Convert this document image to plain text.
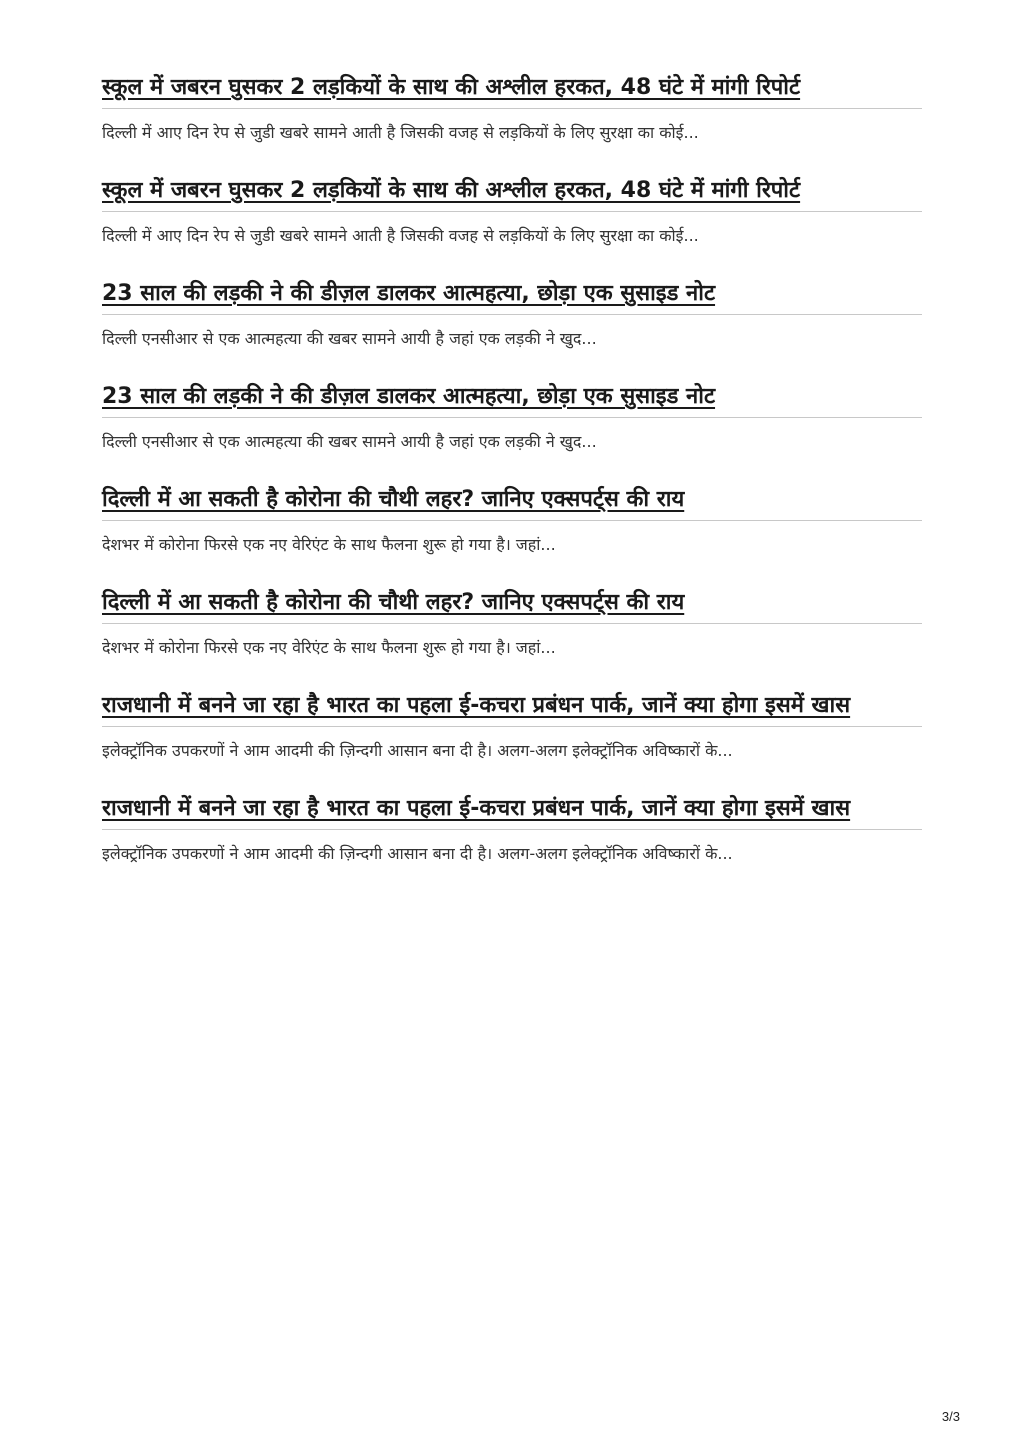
स्कूल में जबरन घुसकर 2 लड़कियों के साथ की अश्लील हरकत, 48 घंटे में मांगी रिपोर्ट
दिल्ली में आए दिन रेप से जुडी खबरे सामने आती है जिसकी वजह से लड़कियों के लिए सुरक्षा का कोई...
स्कूल में जबरन घुसकर 2 लड़कियों के साथ की अश्लील हरकत, 48 घंटे में मांगी रिपोर्ट
दिल्ली में आए दिन रेप से जुडी खबरे सामने आती है जिसकी वजह से लड़कियों के लिए सुरक्षा का कोई...
23 साल की लड़की ने की डीज़ल डालकर आत्महत्या, छोड़ा एक सुसाइड नोट
दिल्ली एनसीआर से एक आत्महत्या की खबर सामने आयी है जहां एक लड़की ने खुद...
23 साल की लड़की ने की डीज़ल डालकर आत्महत्या, छोड़ा एक सुसाइड नोट
दिल्ली एनसीआर से एक आत्महत्या की खबर सामने आयी है जहां एक लड़की ने खुद...
दिल्ली में आ सकती है कोरोना की चौथी लहर? जानिए एक्सपर्ट्स की राय
देशभर में कोरोना फिरसे एक नए वेरिएंट के साथ फैलना शुरू हो गया है। जहां...
दिल्ली में आ सकती है कोरोना की चौथी लहर? जानिए एक्सपर्ट्स की राय
देशभर में कोरोना फिरसे एक नए वेरिएंट के साथ फैलना शुरू हो गया है। जहां...
राजधानी में बनने जा रहा है भारत का पहला ई-कचरा प्रबंधन पार्क, जानें क्या होगा इसमें खास
इलेक्ट्रॉनिक उपकरणों ने आम आदमी की ज़िन्दगी आसान बना दी है। अलग-अलग इलेक्ट्रॉनिक अविष्कारों के...
राजधानी में बनने जा रहा है भारत का पहला ई-कचरा प्रबंधन पार्क, जानें क्या होगा इसमें खास
इलेक्ट्रॉनिक उपकरणों ने आम आदमी की ज़िन्दगी आसान बना दी है। अलग-अलग इलेक्ट्रॉनिक अविष्कारों के...
3/3
